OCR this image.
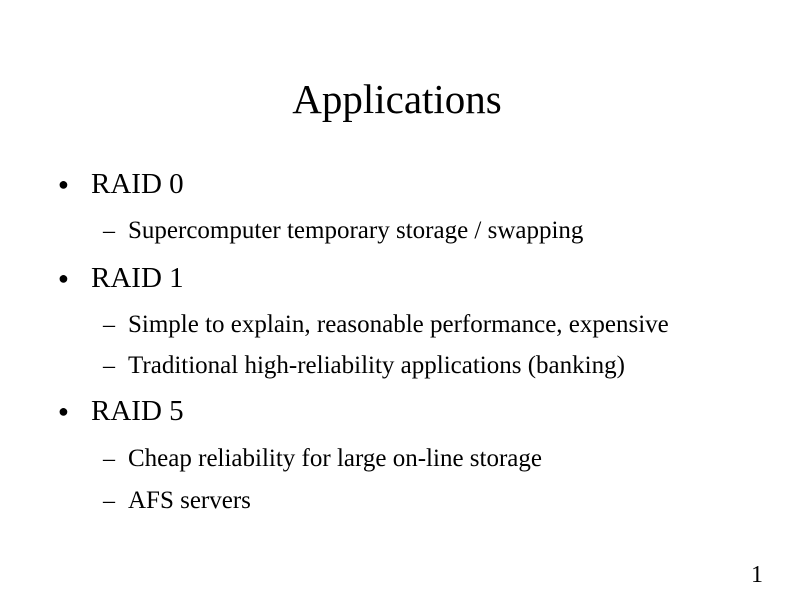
Applications
● RAID 0
– Supercomputer temporary storage / swapping
● RAID 1
– Simple to explain, reasonable performance, expensive
– Traditional high-reliability applications (banking)
● RAID 5
– Cheap reliability for large on-line storage
– AFS servers
1
